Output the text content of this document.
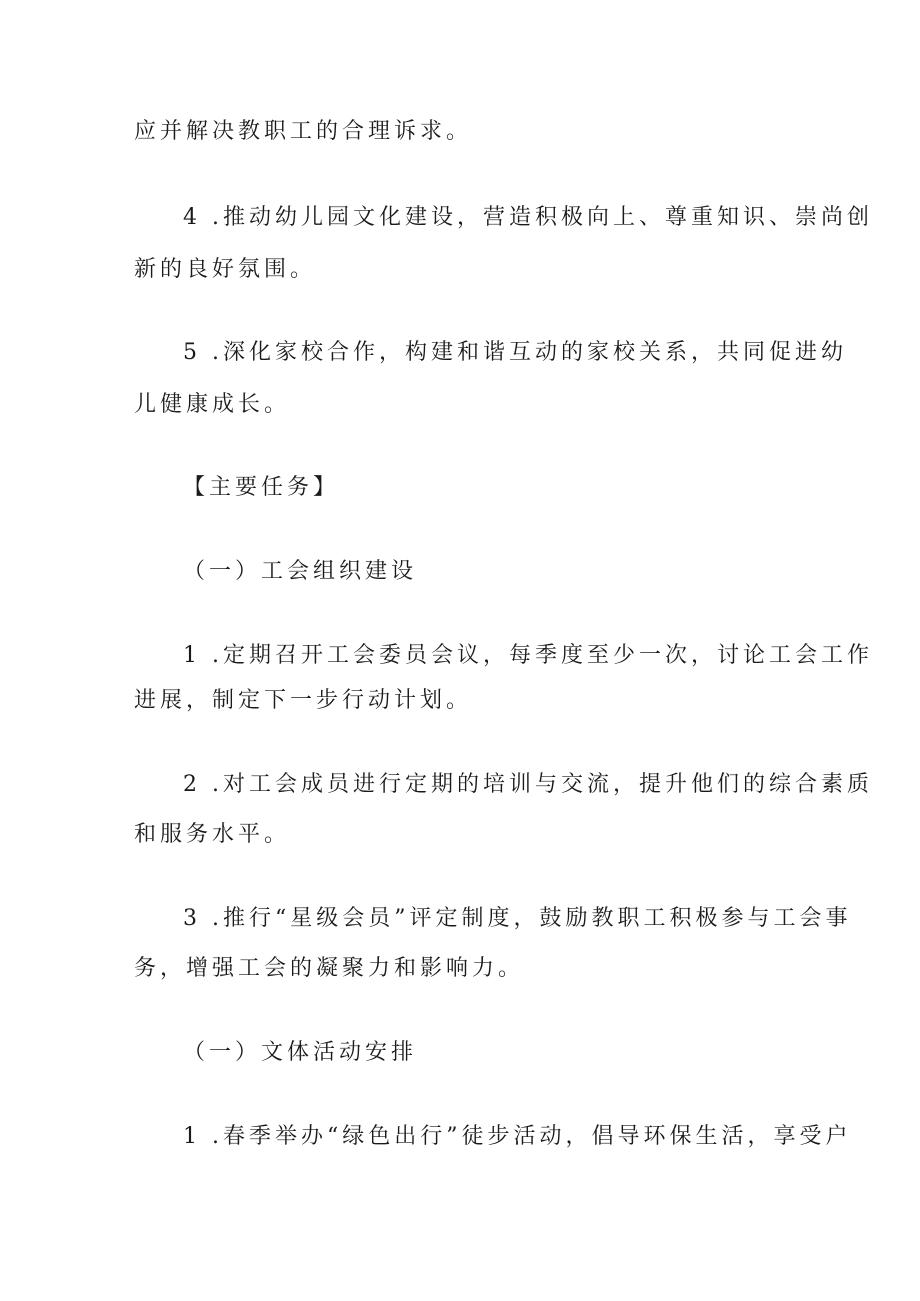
应并解决教职工的合理诉求。
4 .推动幼儿园文化建设，营造积极向上、尊重知识、崇尚创
新的良好氛围。
5 .深化家校合作，构建和谐互动的家校关系，共同促进幼
儿健康成长。
【主要任务】
（一）工会组织建设
1 .定期召开工会委员会议，每季度至少一次，讨论工会工作
进展，制定下一步行动计划。
2 .对工会成员进行定期的培训与交流，提升他们的综合素质
和服务水平。
3 .推行“星级会员”评定制度，鼓励教职工积极参与工会事
务，增强工会的凝聚力和影响力。
（一）文体活动安排
1 .春季举办“绿色出行”徒步活动，倡导环保生活，享受户
